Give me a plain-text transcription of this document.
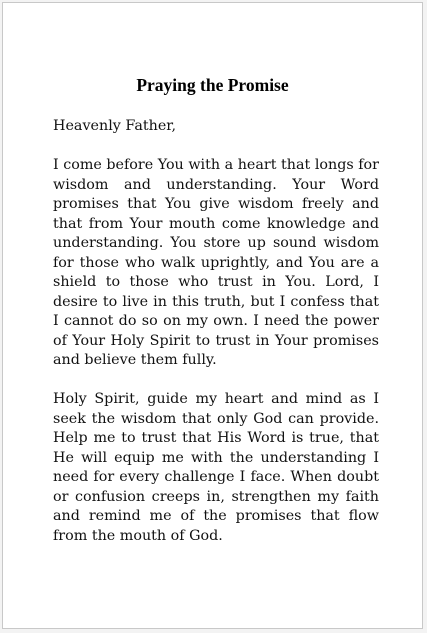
Praying the Promise

Heavenly Father,

I come before You with a heart that longs for wisdom and understanding. Your Word promises that You give wisdom freely and that from Your mouth come knowledge and understanding. You store up sound wisdom for those who walk uprightly, and You are a shield to those who trust in You. Lord, I desire to live in this truth, but I confess that I cannot do so on my own. I need the power of Your Holy Spirit to trust in Your promises and believe them fully.

Holy Spirit, guide my heart and mind as I seek the wisdom that only God can provide. Help me to trust that His Word is true, that He will equip me with the understanding I need for every challenge I face. When doubt or confusion creeps in, strengthen my faith and remind me of the promises that flow from the mouth of God.
